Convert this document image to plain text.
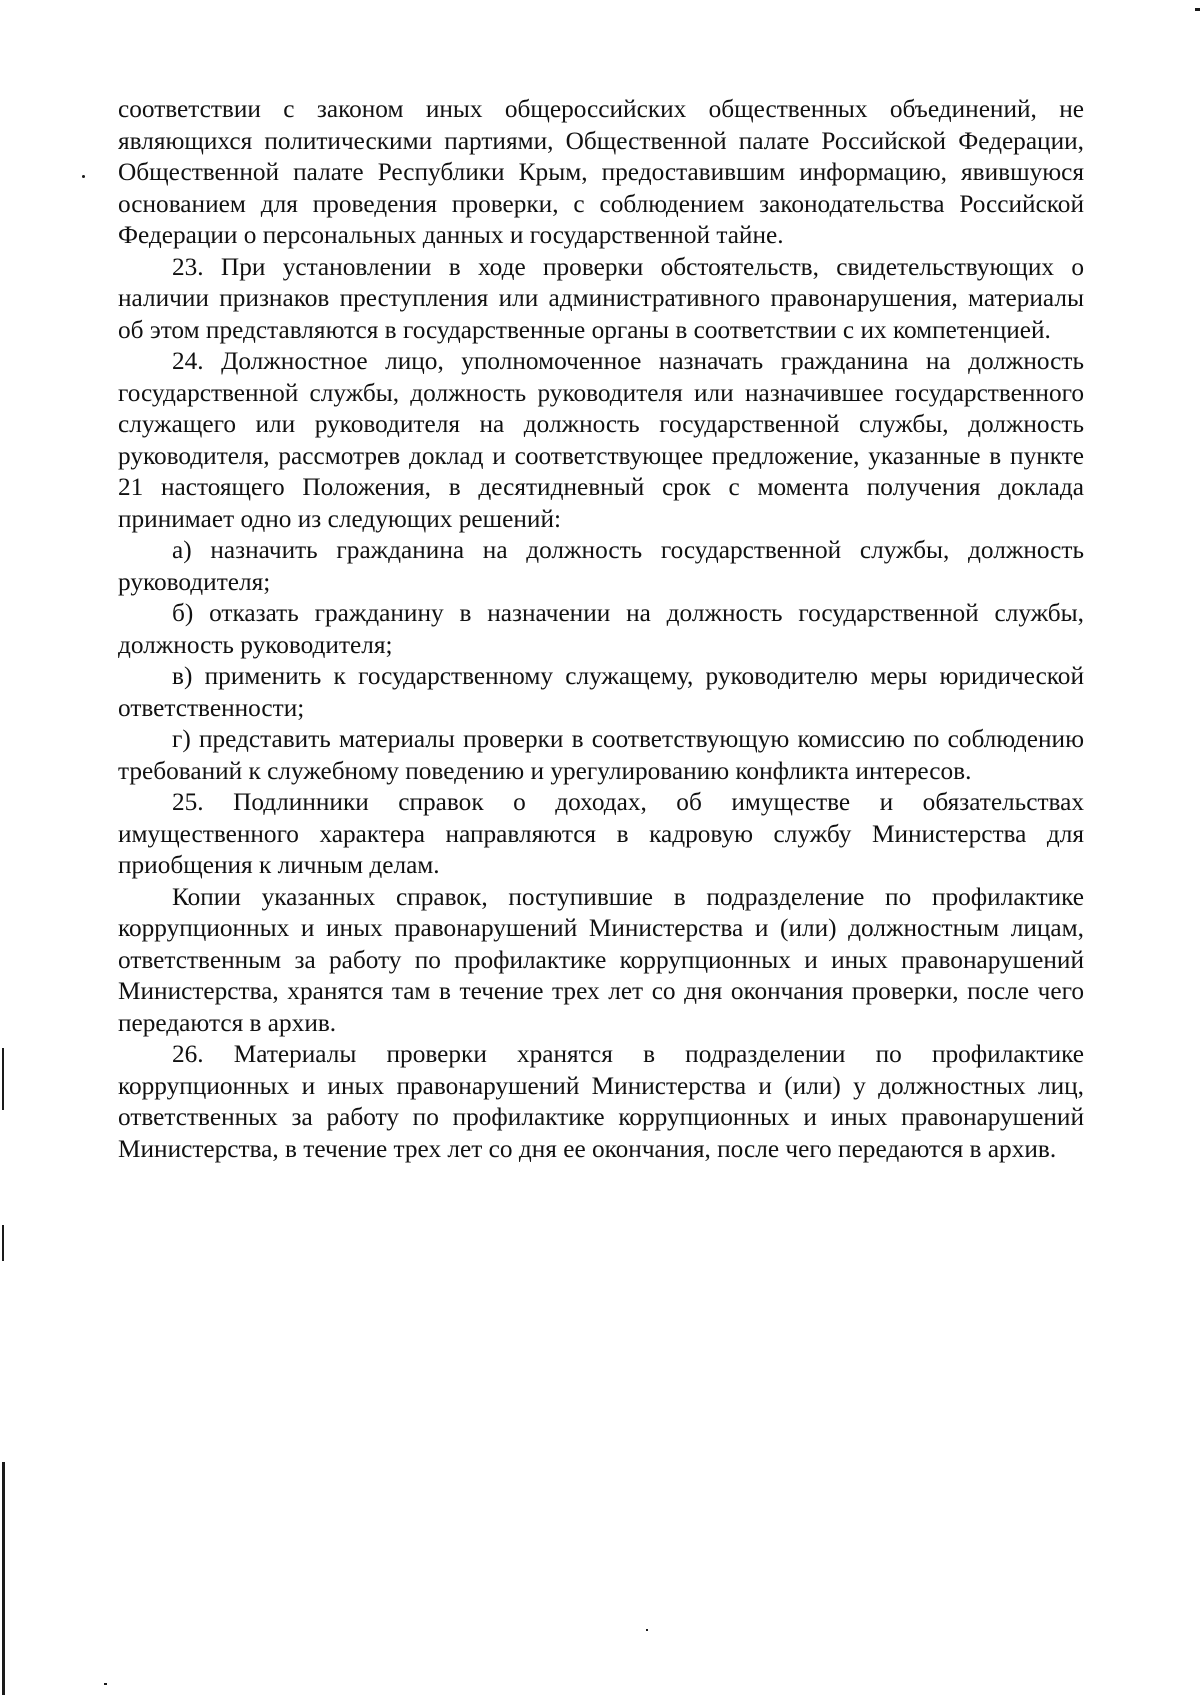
соответствии с законом иных общероссийских общественных объединений, не являющихся политическими партиями, Общественной палате Российской Федерации, Общественной палате Республики Крым, предоставившим информацию, явившуюся основанием для проведения проверки, с соблюдением законодательства Российской Федерации о персональных данных и государственной тайне.

23. При установлении в ходе проверки обстоятельств, свидетельствующих о наличии признаков преступления или административного правонарушения, материалы об этом представляются в государственные органы в соответствии с их компетенцией.

24. Должностное лицо, уполномоченное назначать гражданина на должность государственной службы, должность руководителя или назначившее государственного служащего или руководителя на должность государственной службы, должность руководителя, рассмотрев доклад и соответствующее предложение, указанные в пункте 21 настоящего Положения, в десятидневный срок с момента получения доклада принимает одно из следующих решений:

а) назначить гражданина на должность государственной службы, должность руководителя;

б) отказать гражданину в назначении на должность государственной службы, должность руководителя;

в) применить к государственному служащему, руководителю меры юридической ответственности;

г) представить материалы проверки в соответствующую комиссию по соблюдению требований к служебному поведению и урегулированию конфликта интересов.

25. Подлинники справок о доходах, об имуществе и обязательствах имущественного характера направляются в кадровую службу Министерства для приобщения к личным делам.

Копии указанных справок, поступившие в подразделение по профилактике коррупционных и иных правонарушений Министерства и (или) должностным лицам, ответственным за работу по профилактике коррупционных и иных правонарушений Министерства, хранятся там в течение трех лет со дня окончания проверки, после чего передаются в архив.

26. Материалы проверки хранятся в подразделении по профилактике коррупционных и иных правонарушений Министерства и (или) у должностных лиц, ответственных за работу по профилактике коррупционных и иных правонарушений Министерства, в течение трех лет со дня ее окончания, после чего передаются в архив.
